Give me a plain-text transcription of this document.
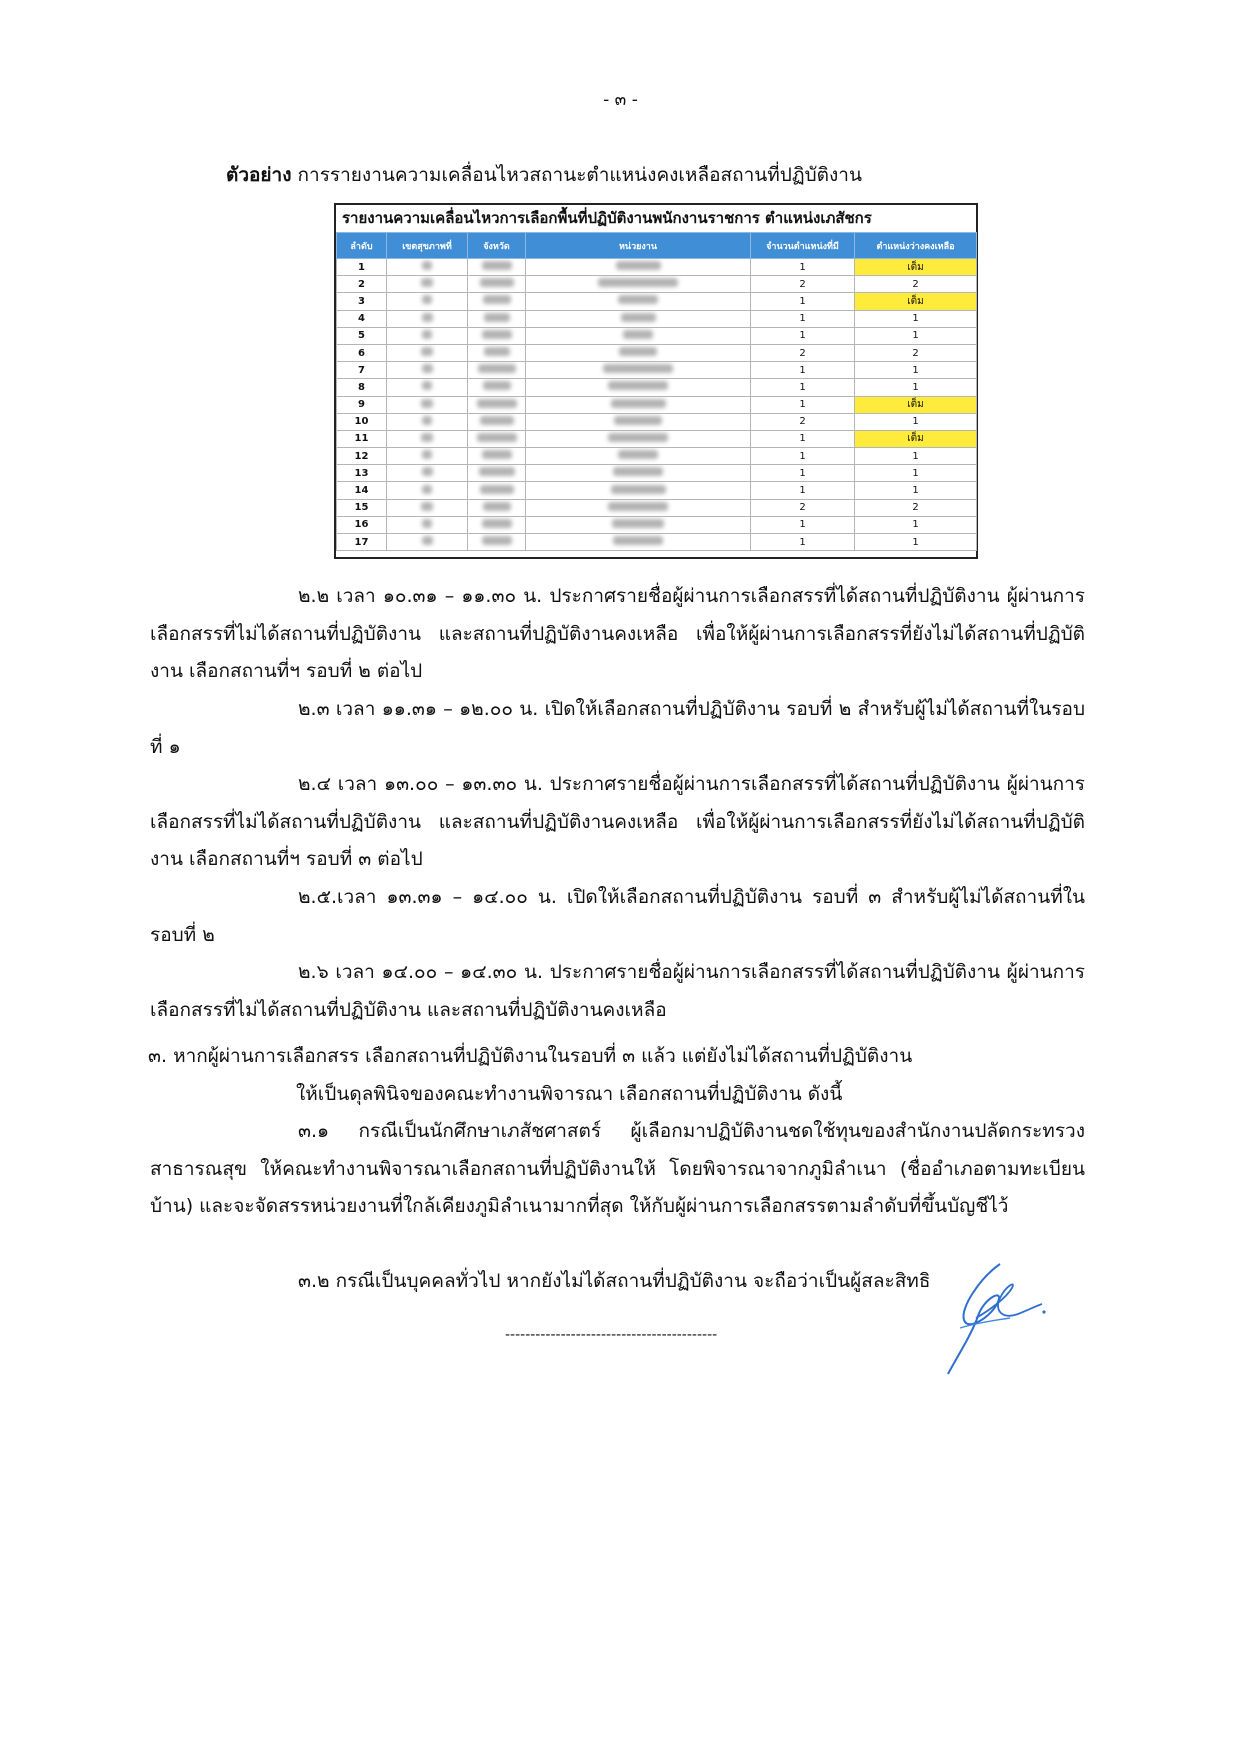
- ๓ -
ตัวอย่าง การรายงานความเคลื่อนไหวสถานะตำแหน่งคงเหลือสถานที่ปฏิบัติงาน
รายงานความเคลื่อนไหวการเลือกพื้นที่ปฏิบัติงานพนักงานราชการ ตำแหน่งเภสัชกร
ลำดับ	เขตสุขภาพที่	จังหวัด	หน่วยงาน	จำนวนตำแหน่งที่มี	ตำแหน่งว่างคงเหลือ
1				1	เต็ม
2				2	2
3				1	เต็ม
4				1	1
5				1	1
6				2	2
7				1	1
8				1	1
9				1	เต็ม
10				2	1
11				1	เต็ม
12				1	1
13				1	1
14				1	1
15				2	2
16				1	1
17				1	1

๒.๒ เวลา ๑๐.๓๑ – ๑๑.๓๐ น. ประกาศรายชื่อผู้ผ่านการเลือกสรรที่ได้สถานที่ปฏิบัติงาน ผู้ผ่านการเลือกสรรที่ไม่ได้สถานที่ปฏิบัติงาน และสถานที่ปฏิบัติงานคงเหลือ เพื่อให้ผู้ผ่านการเลือกสรรที่ยังไม่ได้สถานที่ปฏิบัติงาน เลือกสถานที่ฯ รอบที่ ๒ ต่อไป

๒.๓ เวลา ๑๑.๓๑ – ๑๒.๐๐ น. เปิดให้เลือกสถานที่ปฏิบัติงาน รอบที่ ๒ สำหรับผู้ไม่ได้สถานที่ในรอบที่ ๑

๒.๔ เวลา ๑๓.๐๐ – ๑๓.๓๐ น. ประกาศรายชื่อผู้ผ่านการเลือกสรรที่ได้สถานที่ปฏิบัติงาน ผู้ผ่านการเลือกสรรที่ไม่ได้สถานที่ปฏิบัติงาน และสถานที่ปฏิบัติงานคงเหลือ เพื่อให้ผู้ผ่านการเลือกสรรที่ยังไม่ได้สถานที่ปฏิบัติงาน เลือกสถานที่ฯ รอบที่ ๓ ต่อไป

๒.๕.เวลา ๑๓.๓๑ – ๑๔.๐๐ น. เปิดให้เลือกสถานที่ปฏิบัติงาน รอบที่ ๓ สำหรับผู้ไม่ได้สถานที่ในรอบที่ ๒

๒.๖ เวลา ๑๔.๐๐ – ๑๔.๓๐ น. ประกาศรายชื่อผู้ผ่านการเลือกสรรที่ได้สถานที่ปฏิบัติงาน ผู้ผ่านการเลือกสรรที่ไม่ได้สถานที่ปฏิบัติงาน และสถานที่ปฏิบัติงานคงเหลือ

๓. หากผู้ผ่านการเลือกสรร เลือกสถานที่ปฏิบัติงานในรอบที่ ๓ แล้ว แต่ยังไม่ได้สถานที่ปฏิบัติงาน

ให้เป็นดุลพินิจของคณะทำงานพิจารณา เลือกสถานที่ปฏิบัติงาน ดังนี้

๓.๑ กรณีเป็นนักศึกษาเภสัชศาสตร์ ผู้เลือกมาปฏิบัติงานชดใช้ทุนของสำนักงานปลัดกระทรวง สาธารณสุข ให้คณะทำงานพิจารณาเลือกสถานที่ปฏิบัติงานให้ โดยพิจารณาจากภูมิลำเนา (ชื่ออำเภอตามทะเบียนบ้าน) และจะจัดสรรหน่วยงานที่ใกล้เคียงภูมิลำเนามากที่สุด ให้กับผู้ผ่านการเลือกสรรตามลำดับที่ขึ้นบัญชีไว้

๓.๒ กรณีเป็นบุคคลทั่วไป หากยังไม่ได้สถานที่ปฏิบัติงาน จะถือว่าเป็นผู้สละสิทธิ

------------------------------------------
